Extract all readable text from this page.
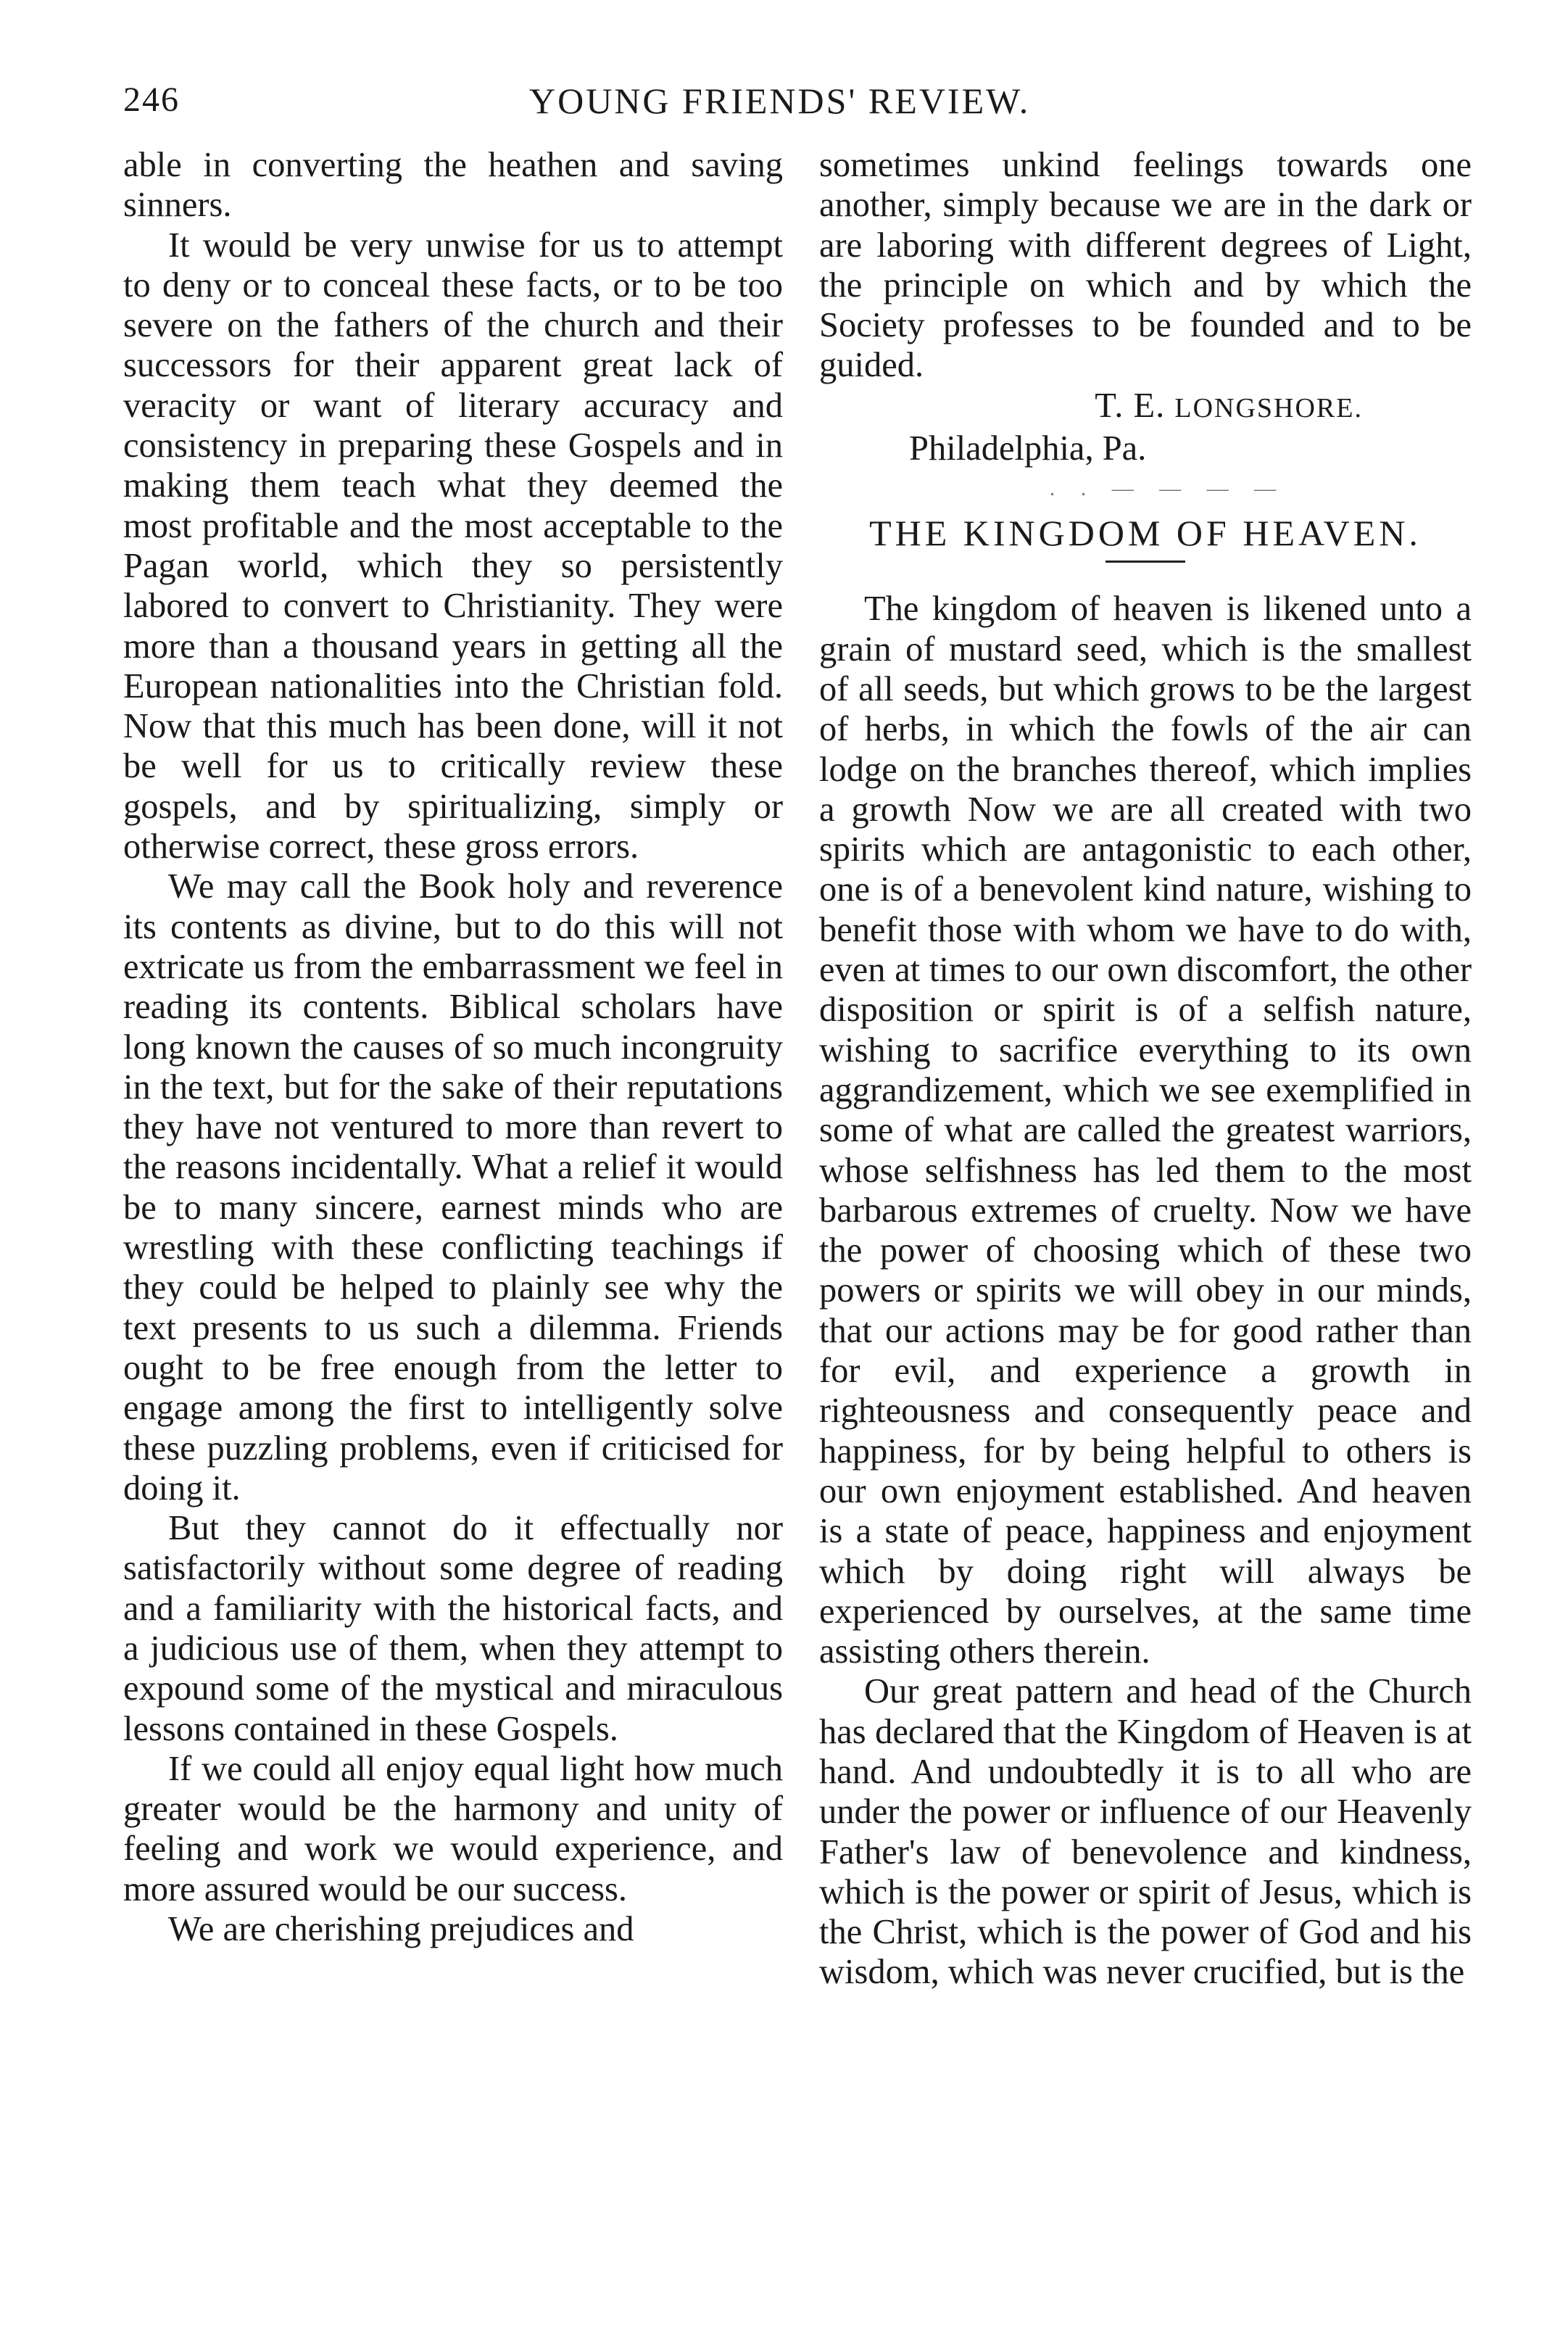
246	YOUNG FRIENDS' REVIEW.

able in converting the heathen and saving sinners.

It would be very unwise for us to attempt to deny or to conceal these facts, or to be too severe on the fathers of the church and their successors for their apparent great lack of veracity or want of literary accuracy and consistency in preparing these Gospels and in making them teach what they deemed the most profitable and the most acceptable to the Pagan world, which they so persistently labored to convert to Christianity. They were more than a thousand years in getting all the European nationalities into the Christian fold. Now that this much has been done, will it not be well for us to critically review these gospels, and by spiritualizing, simply or otherwise correct, these gross errors.

We may call the Book holy and reverence its contents as divine, but to do this will not extricate us from the embarrassment we feel in reading its contents. Biblical scholars have long known the causes of so much incongruity in the text, but for the sake of their reputations they have not ventured to more than revert to the reasons incidentally. What a relief it would be to many sincere, earnest minds who are wrestling with these conflicting teachings if they could be helped to plainly see why the text presents to us such a dilemma. Friends ought to be free enough from the letter to engage among the first to intelligently solve these puzzling problems, even if criticised for doing it.

But they cannot do it effectually nor satisfactorily without some degree of reading and a familiarity with the historical facts, and a judicious use of them, when they attempt to expound some of the mystical and miraculous lessons contained in these Gospels.

If we could all enjoy equal light how much greater would be the harmony and unity of feeling and work we would experience, and more assured would be our success.

We are cherishing prejudices and

sometimes unkind feelings towards one another, simply because we are in the dark or are laboring with different degrees of Light, the principle on which and by which the Society professes to be founded and to be guided.

T. E. LONGSHORE.

Philadelphia, Pa.

. . — — — —

THE KINGDOM OF HEAVEN.

The kingdom of heaven is likened unto a grain of mustard seed, which is the smallest of all seeds, but which grows to be the largest of herbs, in which the fowls of the air can lodge on the branches thereof, which implies a growth Now we are all created with two spirits which are antagonistic to each other, one is of a benevolent kind nature, wishing to benefit those with whom we have to do with, even at times to our own discomfort, the other disposition or spirit is of a selfish nature, wishing to sacrifice everything to its own aggrandizement, which we see exemplified in some of what are called the greatest warriors, whose selfishness has led them to the most barbarous extremes of cruelty. Now we have the power of choosing which of these two powers or spirits we will obey in our minds, that our actions may be for good rather than for evil, and experience a growth in righteousness and consequently peace and happiness, for by being helpful to others is our own enjoyment established. And heaven is a state of peace, happiness and enjoyment which by doing right will always be experienced by ourselves, at the same time assisting others therein.

Our great pattern and head of the Church has declared that the Kingdom of Heaven is at hand. And undoubtedly it is to all who are under the power or influence of our Heavenly Father's law of benevolence and kindness, which is the power or spirit of Jesus, which is the Christ, which is the power of God and his wisdom, which was never crucified, but is the
